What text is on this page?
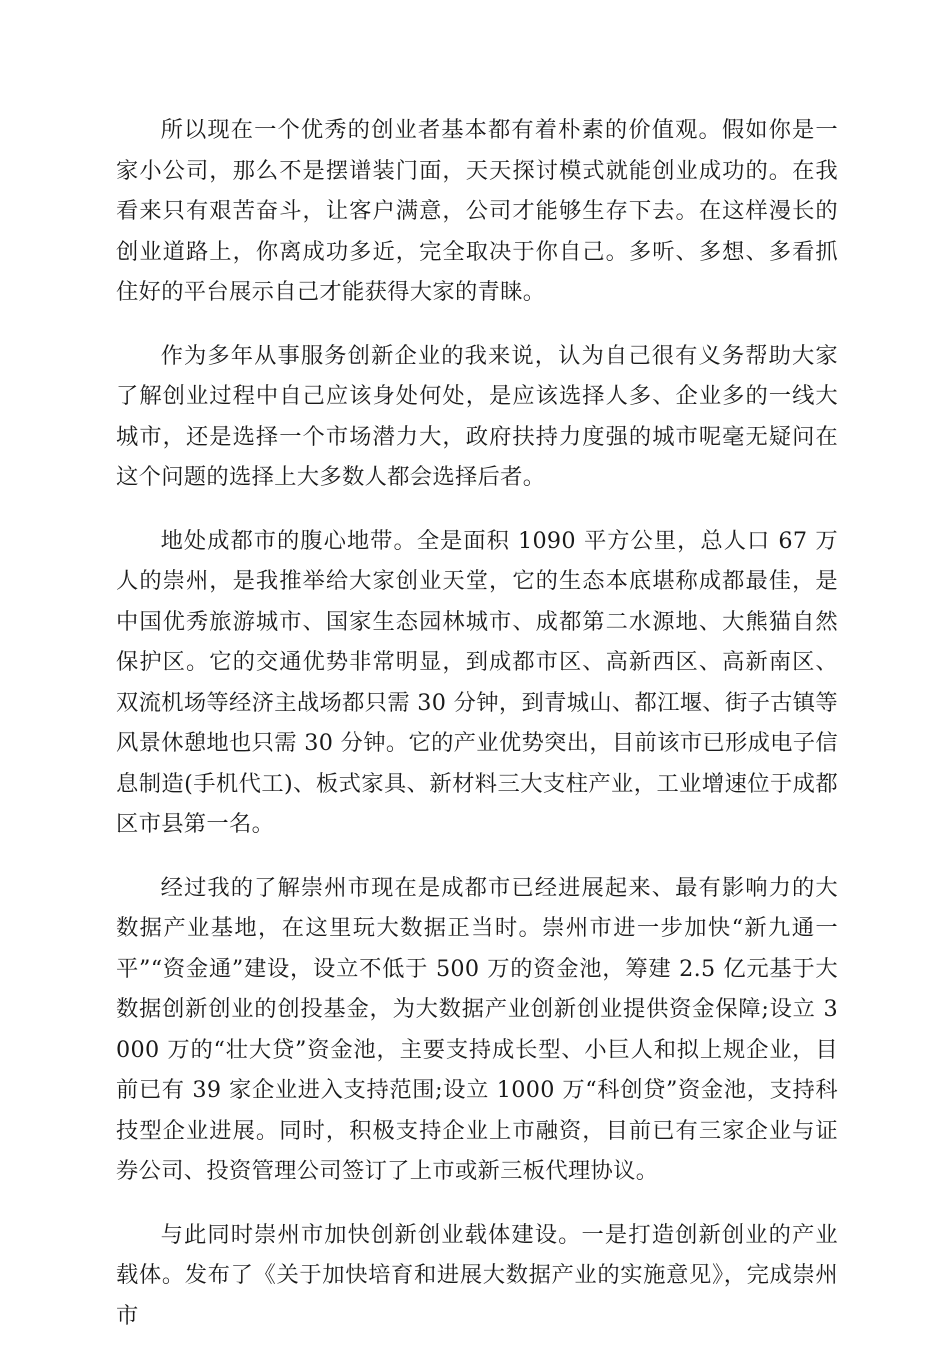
所以现在一个优秀的创业者基本都有着朴素的价值观。假如你是一家小公司，那么不是摆谱装门面，天天探讨模式就能创业成功的。在我看来只有艰苦奋斗，让客户满意，公司才能够生存下去。在这样漫长的创业道路上，你离成功多近，完全取决于你自己。多听、多想、多看抓住好的平台展示自己才能获得大家的青睐。

作为多年从事服务创新企业的我来说，认为自己很有义务帮助大家了解创业过程中自己应该身处何处，是应该选择人多、企业多的一线大城市，还是选择一个市场潜力大，政府扶持力度强的城市呢毫无疑问在这个问题的选择上大多数人都会选择后者。

地处成都市的腹心地带。全是面积 1090 平方公里，总人口 67 万人的崇州，是我推举给大家创业天堂，它的生态本底堪称成都最佳，是中国优秀旅游城市、国家生态园林城市、成都第二水源地、大熊猫自然保护区。它的交通优势非常明显，到成都市区、高新西区、高新南区、双流机场等经济主战场都只需 30 分钟，到青城山、都江堰、街子古镇等风景休憩地也只需 30 分钟。它的产业优势突出，目前该市已形成电子信息制造(手机代工)、板式家具、新材料三大支柱产业，工业增速位于成都区市县第一名。

经过我的了解崇州市现在是成都市已经进展起来、最有影响力的大数据产业基地，在这里玩大数据正当时。崇州市进一步加快“新九通一平”“资金通”建设，设立不低于 500 万的资金池，筹建 2.5 亿元基于大数据创新创业的创投基金，为大数据产业创新创业提供资金保障;设立 3000 万的“壮大贷”资金池，主要支持成长型、小巨人和拟上规企业，目前已有 39 家企业进入支持范围;设立 1000 万“科创贷”资金池，支持科技型企业进展。同时，积极支持企业上市融资，目前已有三家企业与证券公司、投资管理公司签订了上市或新三板代理协议。

与此同时崇州市加快创新创业载体建设。一是打造创新创业的产业载体。发布了《关于加快培育和进展大数据产业的实施意见》，完成崇州市
